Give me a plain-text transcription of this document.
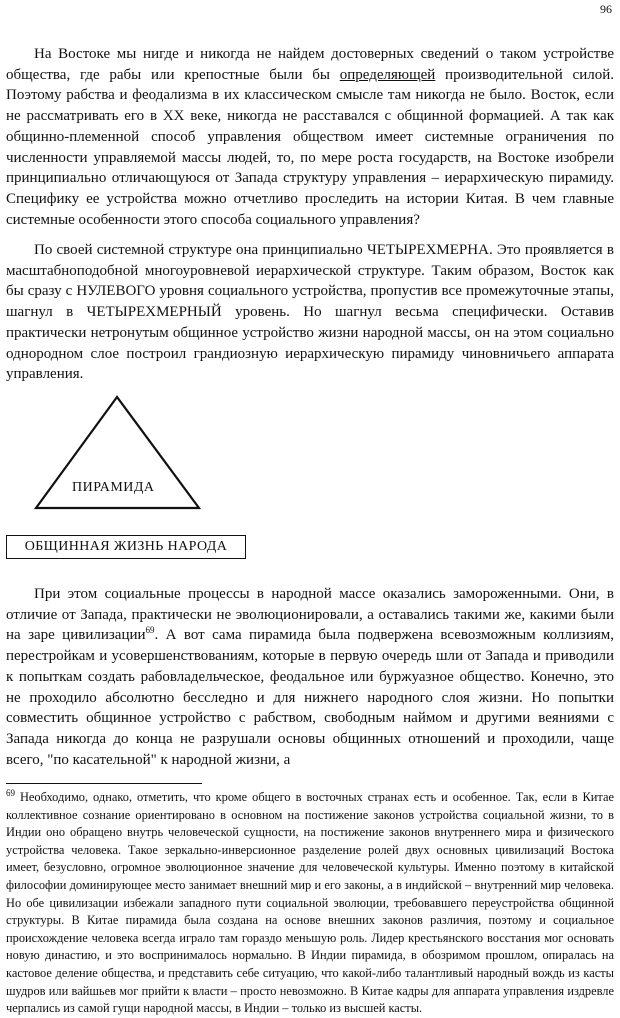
96

На Востоке мы нигде и никогда не найдем достоверных сведений о таком устройстве общества, где рабы или крепостные были бы определяющей производительной силой. Поэтому рабства и феодализма в их классическом смысле там никогда не было. Восток, если не рассматривать его в XX веке, никогда не расставался с общинной формацией. А так как общинно-племенной способ управления обществом имеет системные ограничения по численности управляемой массы людей, то, по мере роста государств, на Востоке изобрели принципиально отличающуюся от Запада структуру управления – иерархическую пирамиду. Специфику ее устройства можно отчетливо проследить на истории Китая. В чем главные системные особенности этого способа социального управления?

По своей системной структуре она принципиально ЧЕТЫРЕХМЕРНА. Это проявляется в масштабноподобной многоуровневой иерархической структуре. Таким образом, Восток как бы сразу с НУЛЕВОГО уровня социального устройства, пропустив все промежуточные этапы, шагнул в ЧЕТЫРЕХМЕРНЫЙ уровень. Но шагнул весьма специфически. Оставив практически нетронутым общинное устройство жизни народной массы, он на этом социально однородном слое построил грандиозную иерархическую пирамиду чиновничьего аппарата управления.

ПИРАМИДА
ОБЩИННАЯ ЖИЗНЬ НАРОДА

При этом социальные процессы в народной массе оказались замороженными. Они, в отличие от Запада, практически не эволюционировали, а оставались такими же, какими были на заре цивилизации$^{69}$. А вот сама пирамида была подвержена всевозможным коллизиям, перестройкам и усовершенствованиям, которые в первую очередь шли от Запада и приводили к попыткам создать рабовладельческое, феодальное или буржуазное общество. Конечно, это не проходило абсолютно бесследно и для нижнего народного слоя жизни. Но попытки совместить общинное устройство с рабством, свободным наймом и другими веяниями с Запада никогда до конца не разрушали основы общинных отношений и проходили, чаще всего, "по касательной" к народной жизни, а

$^{69}$ Необходимо, однако, отметить, что кроме общего в восточных странах есть и особенное. Так, если в Китае коллективное сознание ориентировано в основном на постижение законов устройства социальной жизни, то в Индии оно обращено внутрь человеческой сущности, на постижение законов внутреннего мира и физического устройства человека. Такое зеркально-инверсионное разделение ролей двух основных цивилизаций Востока имеет, безусловно, огромное эволюционное значение для человеческой культуры. Именно поэтому в китайской философии доминирующее место занимает внешний мир и его законы, а в индийской – внутренний мир человека. Но обе цивилизации избежали западного пути социальной эволюции, требовавшего переустройства общинной структуры. В Китае пирамида была создана на основе внешних законов различия, поэтому и социальное происхождение человека всегда играло там гораздо меньшую роль. Лидер крестьянского восстания мог основать новую династию, и это воспринималось нормально. В Индии пирамида, в обозримом прошлом, опиралась на кастовое деление общества, и представить себе ситуацию, что какой-либо талантливый народный вождь из касты шудров или вайшьев мог прийти к власти – просто невозможно. В Китае кадры для аппарата управления издревле черпались из самой гущи народной массы, в Индии – только из высшей касты.
